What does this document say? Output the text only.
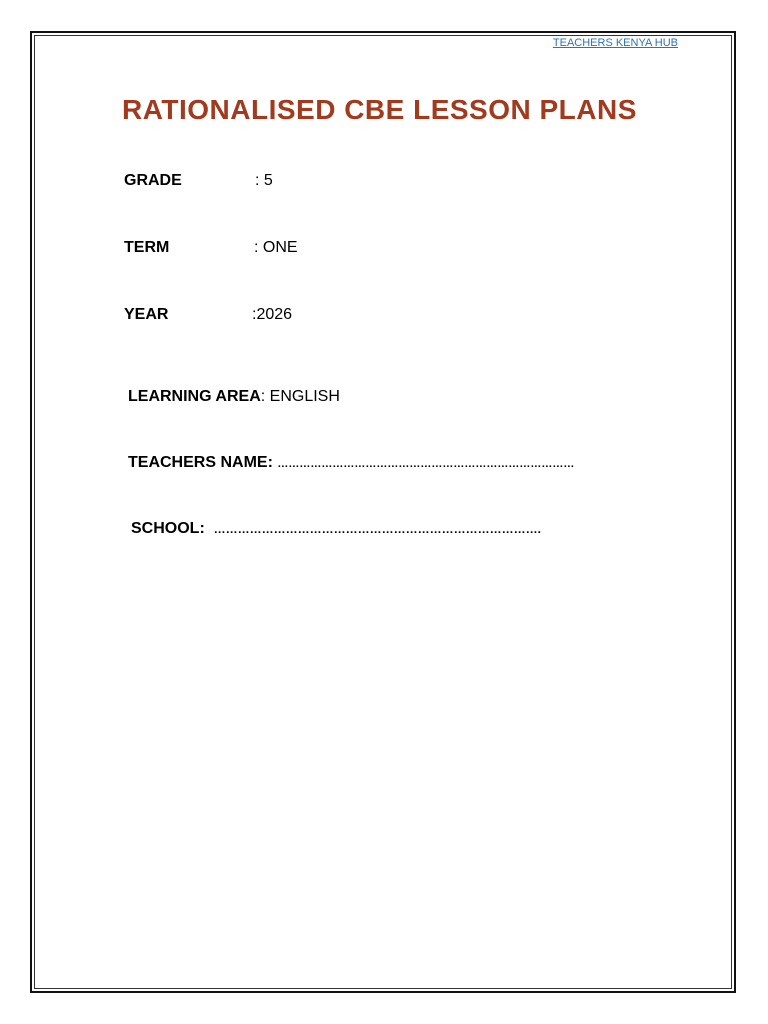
TEACHERS KENYA HUB
RATIONALISED CBE LESSON PLANS
GRADE	: 5
TERM	: ONE
YEAR	:2026
LEARNING AREA: ENGLISH
TEACHERS NAME: ………………………………………………………………………
SCHOOL: ……………………………………………………………………….
